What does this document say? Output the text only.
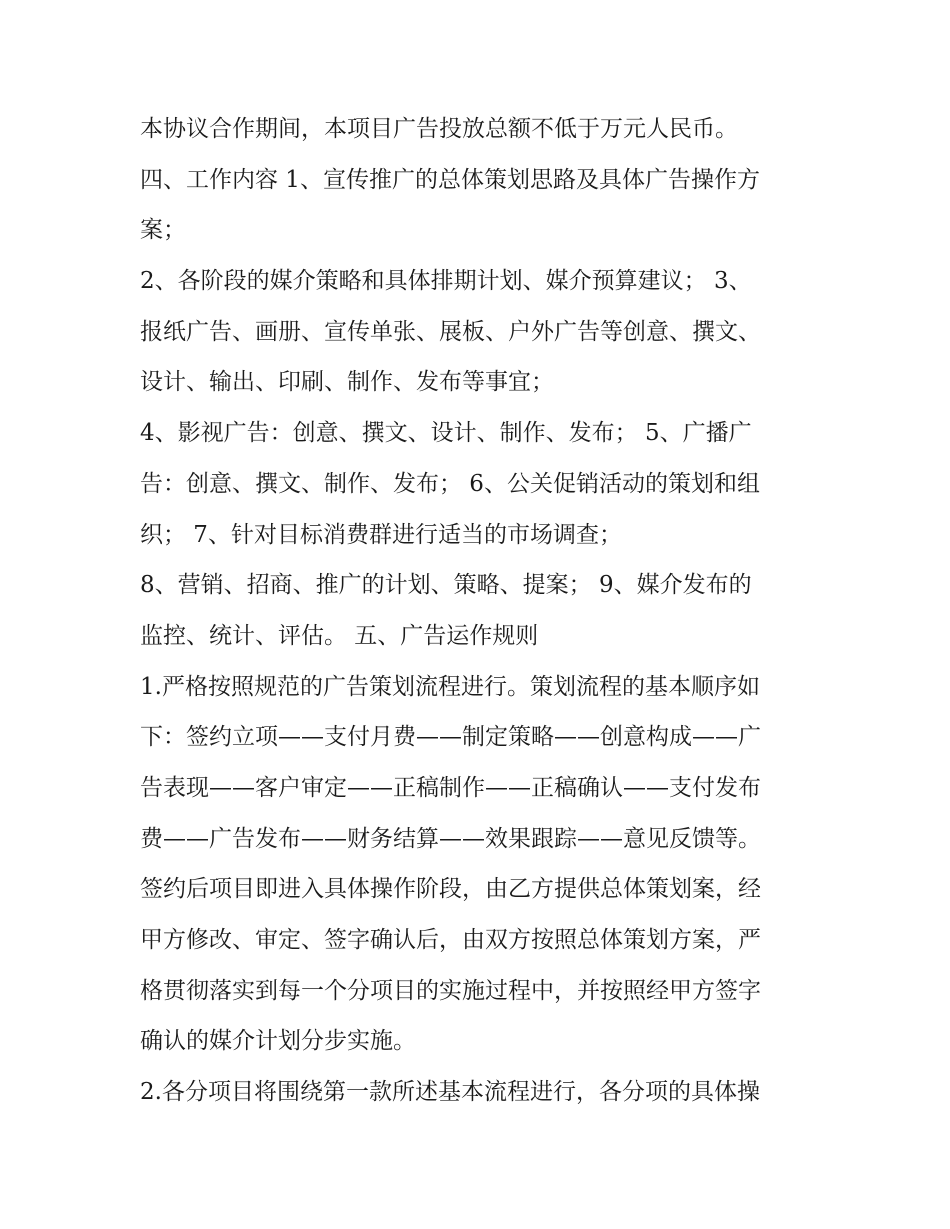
本协议合作期间，本项目广告投放总额不低于万元人民币。
四、工作内容 1、宣传推广的总体策划思路及具体广告操作方
案；
2、各阶段的媒介策略和具体排期计划、媒介预算建议； 3、
报纸广告、画册、宣传单张、展板、户外广告等创意、撰文、
设计、输出、印刷、制作、发布等事宜；
4、影视广告：创意、撰文、设计、制作、发布； 5、广播广
告：创意、撰文、制作、发布； 6、公关促销活动的策划和组
织； 7、针对目标消费群进行适当的市场调查；
8、营销、招商、推广的计划、策略、提案； 9、媒介发布的
监控、统计、评估。 五、广告运作规则
1.严格按照规范的广告策划流程进行。策划流程的基本顺序如
下：签约立项——支付月费——制定策略——创意构成——广
告表现——客户审定——正稿制作——正稿确认——支付发布
费——广告发布——财务结算——效果跟踪——意见反馈等。
签约后项目即进入具体操作阶段，由乙方提供总体策划案，经
甲方修改、审定、签字确认后，由双方按照总体策划方案，严
格贯彻落实到每一个分项目的实施过程中，并按照经甲方签字
确认的媒介计划分步实施。
2.各分项目将围绕第一款所述基本流程进行，各分项的具体操
